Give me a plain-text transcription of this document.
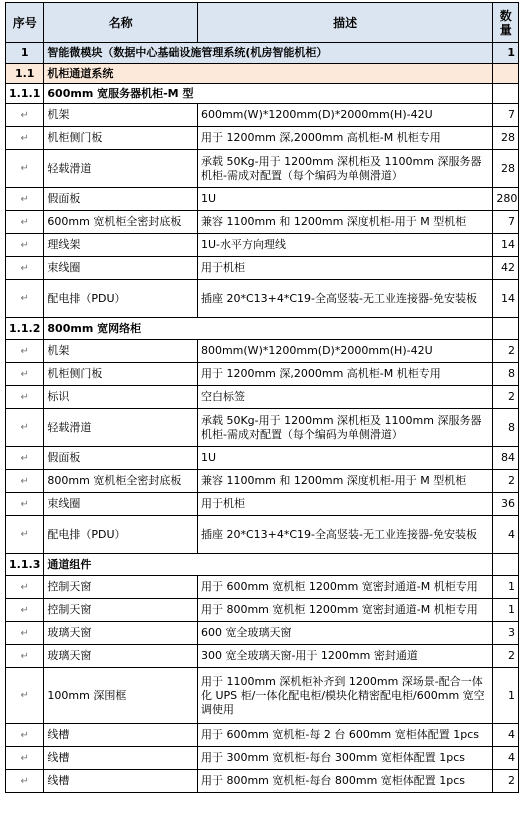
序号	名称	描述	数量
1	智能微模块（数据中心基础设施管理系统(机房智能机柜）		1
1.1	机柜通道系统		
1.1.1	600mm 宽服务器机柜-M 型		
↵	机架	600mm(W)*1200mm(D)*2000mm(H)-42U	7
↵	机柜侧门板	用于 1200mm 深,2000mm 高机柜-M 机柜专用	28
↵	轻载滑道	承载 50Kg-用于 1200mm 深机柜及 1100mm 深服务器机柜-需成对配置（每个编码为单侧滑道）	28
↵	假面板	1U	280
↵	600mm 宽机柜全密封底板	兼容 1100mm 和 1200mm 深度机柜-用于 M 型机柜	7
↵	理线架	1U-水平方向理线	14
↵	束线圈	用于机柜	42
↵	配电排（PDU）	插座 20*C13+4*C19-全高竖装-无工业连接器-免安装板	14
1.1.2	800mm 宽网络柜		
↵	机架	800mm(W)*1200mm(D)*2000mm(H)-42U	2
↵	机柜侧门板	用于 1200mm 深,2000mm 高机柜-M 机柜专用	8
↵	标识	空白标签	2
↵	轻载滑道	承载 50Kg-用于 1200mm 深机柜及 1100mm 深服务器机柜-需成对配置（每个编码为单侧滑道）	8
↵	假面板	1U	84
↵	800mm 宽机柜全密封底板	兼容 1100mm 和 1200mm 深度机柜-用于 M 型机柜	2
↵	束线圈	用于机柜	36
↵	配电排（PDU）	插座 20*C13+4*C19-全高竖装-无工业连接器-免安装板	4
1.1.3	通道组件		
↵	控制天窗	用于 600mm 宽机柜 1200mm 宽密封通道-M 机柜专用	1
↵	控制天窗	用于 800mm 宽机柜 1200mm 宽密封通道-M 机柜专用	1
↵	玻璃天窗	600 宽全玻璃天窗	3
↵	玻璃天窗	300 宽全玻璃天窗-用于 1200mm 密封通道	2
↵	100mm 深围框	用于 1100mm 深机柜补齐到 1200mm 深场景-配合一体化 UPS 柜/一体化配电柜/模块化精密配电柜/600mm 宽空调使用	1
↵	线槽	用于 600mm 宽机柜-每 2 台 600mm 宽柜体配置 1pcs	4
↵	线槽	用于 300mm 宽机柜-每台 300mm 宽柜体配置 1pcs	4
↵	线槽	用于 800mm 宽机柜-每台 800mm 宽柜体配置 1pcs	2
